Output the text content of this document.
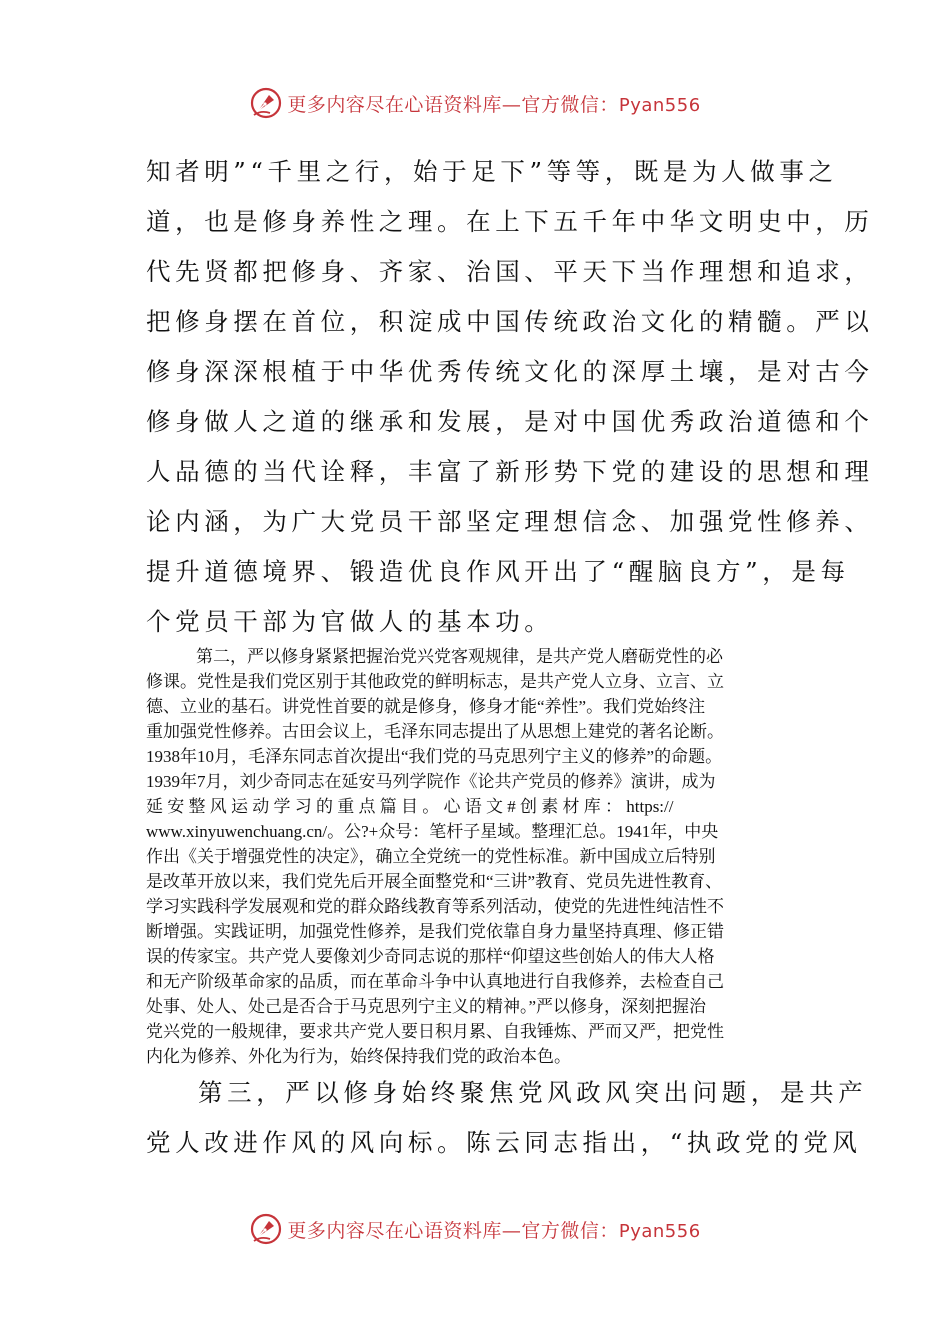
更多内容尽在心语资料库—官方微信：Pyan556

知者明”“千里之行，始于足下”等等，既是为人做事之

道，也是修身养性之理。在上下五千年中华文明史中，历

代先贤都把修身、齐家、治国、平天下当作理想和追求，

把修身摆在首位，积淀成中国传统政治文化的精髓。严以

修身深深根植于中华优秀传统文化的深厚土壤，是对古今

修身做人之道的继承和发展，是对中国优秀政治道德和个

人品德的当代诠释，丰富了新形势下党的建设的思想和理

论内涵，为广大党员干部坚定理想信念、加强党性修养、

提升道德境界、锻造优良作风开出了“醒脑良方”，是每

个党员干部为官做人的基本功。

第二，严以修身紧紧把握治党兴党客观规律，是共产党人磨砺党性的必

修课。党性是我们党区别于其他政党的鲜明标志，是共产党人立身、立言、立

德、立业的基石。讲党性首要的就是修身，修身才能“养性”。我们党始终注

重加强党性修养。古田会议上，毛泽东同志提出了从思想上建党的著名论断。

1938年10月，毛泽东同志首次提出“我们党的马克思列宁主义的修养”的命题。

1939年7月，刘少奇同志在延安马列学院作《论共产党员的修养》演讲，成为

延 安 整 风 运 动 学 习 的 重 点 篇 目 。 心 语 文 # 创 素 材 库 ： https://

www.xinyuwenchuang.cn/。公?+众号：笔杆子星域。整理汇总。1941年，中央

作出《关于增强党性的决定》，确立全党统一的党性标准。新中国成立后特别

是改革开放以来，我们党先后开展全面整党和“三讲”教育、党员先进性教育、

学习实践科学发展观和党的群众路线教育等系列活动，使党的先进性纯洁性不

断增强。实践证明，加强党性修养，是我们党依靠自身力量坚持真理、修正错

误的传家宝。共产党人要像刘少奇同志说的那样“仰望这些创始人的伟大人格

和无产阶级革命家的品质，而在革命斗争中认真地进行自我修养，去检查自己

处事、处人、处己是否合于马克思列宁主义的精神。”严以修身，深刻把握治

党兴党的一般规律，要求共产党人要日积月累、自我锤炼、严而又严，把党性

内化为修养、外化为行为，始终保持我们党的政治本色。

第三，严以修身始终聚焦党风政风突出问题，是共产

党人改进作风的风向标。陈云同志指出，“执政党的党风

更多内容尽在心语资料库—官方微信：Pyan556
